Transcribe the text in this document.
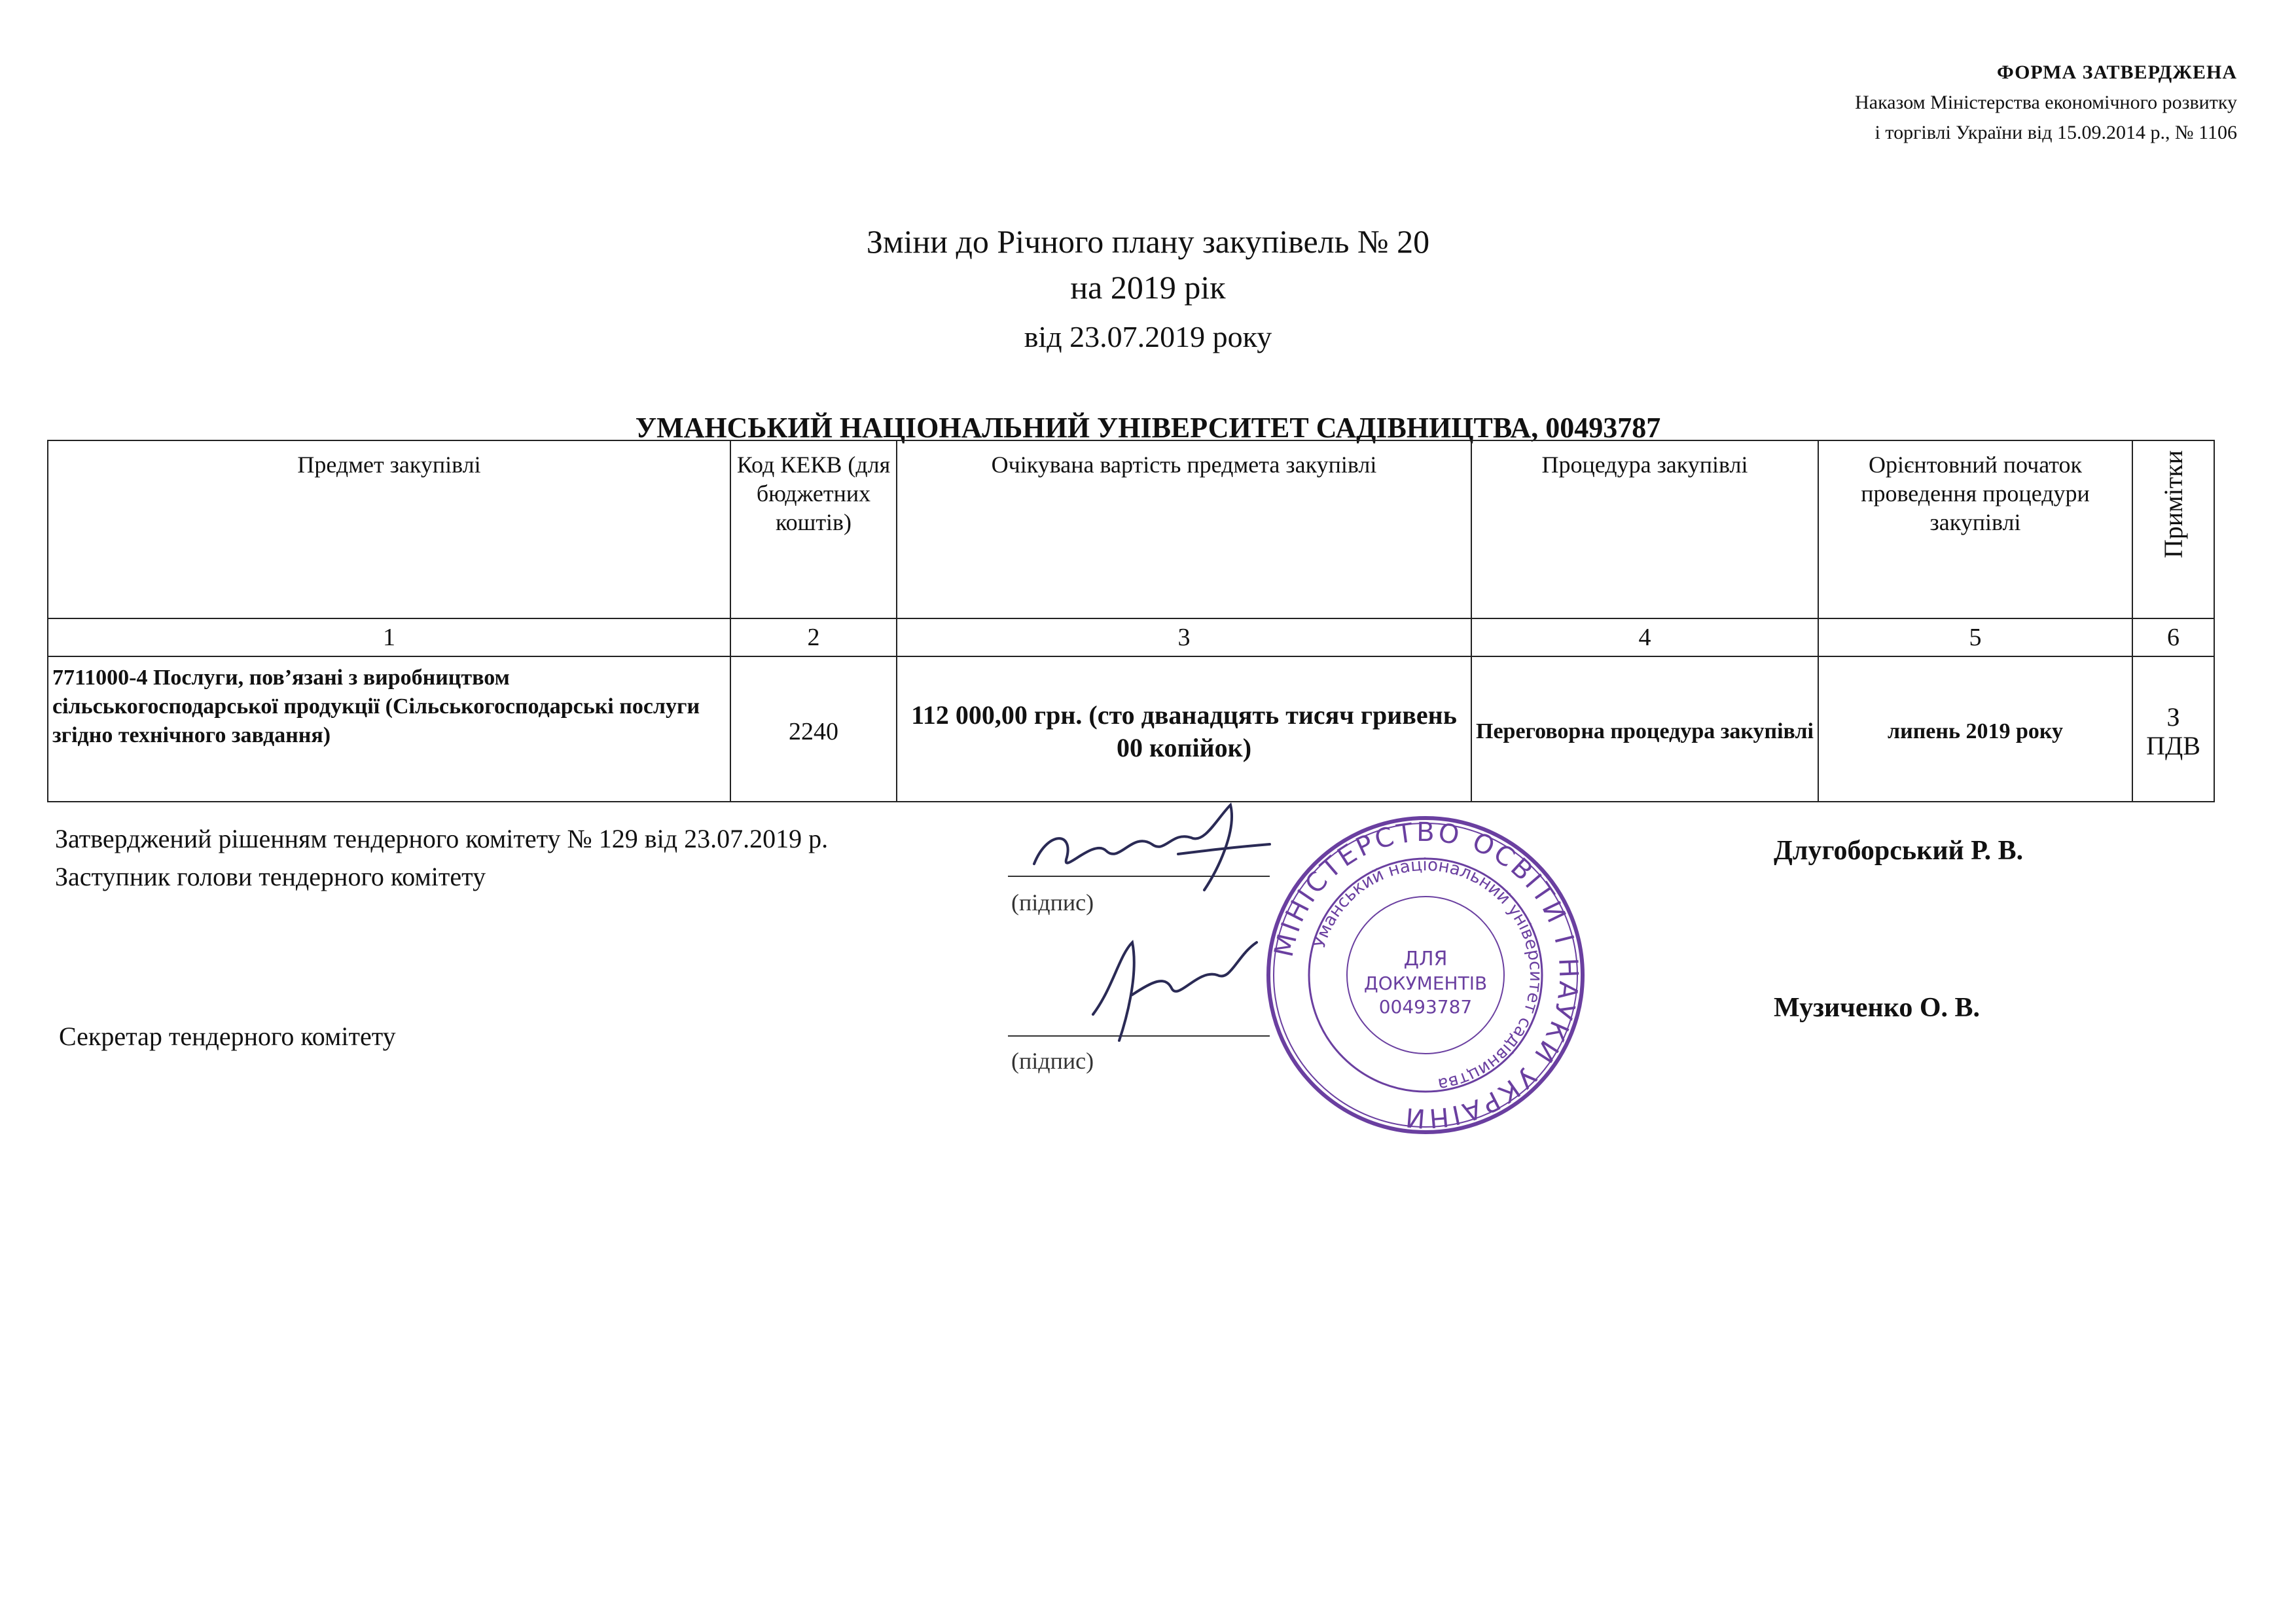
ФОРМА ЗАТВЕРДЖЕНА
Наказом Міністерства економічного розвитку
і торгівлі України від 15.09.2014 р., № 1106
Зміни до Річного плану закупівель № 20
на 2019 рік
від 23.07.2019 року
УМАНСЬКИЙ НАЦІОНАЛЬНИЙ УНІВЕРСИТЕТ САДІВНИЦТВА, 00493787
Предмет закупівлі	Код КЕКВ (для бюджетних коштів)	Очікувана вартість предмета закупівлі	Процедура закупівлі	Орієнтовний початок проведення процедури закупівлі	Примітки
1	2	3	4	5	6
7711000-4 Послуги, пов’язані з виробництвом сільськогосподарської продукції (Сільськогосподарські послуги згідно технічного завдання)	2240	112 000,00 грн. (сто дванадцять тисяч гривень 00 копійок)	Переговорна процедура закупівлі	липень 2019 року	З ПДВ
Затверджений рішенням тендерного комітету № 129 від 23.07.2019 р.
Заступник голови тендерного комітету
(підпис)
Длугоборський Р. В.
Секретар тендерного комітету
(підпис)
Музиченко О. В.
МІНІСТЕРСТВО ОСВІТИ І НАУКИ УКРАЇНИ
Уманський національний університет садівництва
ДЛЯ
ДОКУМЕНТІВ
00493787
